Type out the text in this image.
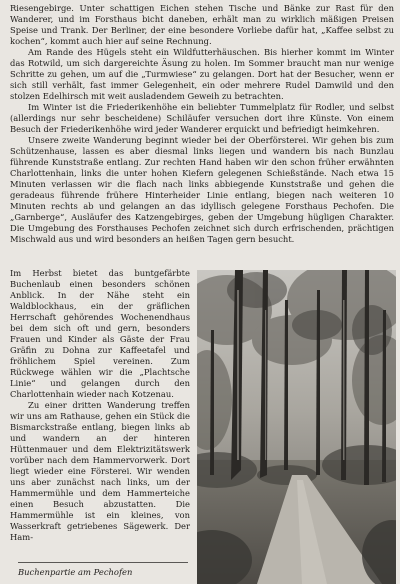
Riesengebirge. Unter schattigen Eichen stehen Tische und Bänke zur Rast für den Wanderer, und im Forsthaus bicht daneben, erhält man zu wirklich mäßigen Preisen Speise und Trank. Der Berliner, der eine besondere Vorliebe dafür hat, „Kaffee selbst zu kochen“, kommt auch hier auf seine Rechnung.

Am Rande des Hügels steht ein Wildfutterhäuschen. Bis hierher kommt im Winter das Rotwild, um sich dargereichte Äsung zu holen. Im Sommer braucht man nur wenige Schritte zu gehen, um auf die „Turmwiese“ zu gelangen. Dort hat der Besucher, wenn er sich still verhält, fast immer Gelegenheit, ein oder mehrere Rudel Damwild und den stolzen Edelhirsch mit weit ausladendem Geweih zu betrachten.

Im Winter ist die Friederikenhöhe ein beliebter Tummelplatz für Rodler, und selbst (allerdings nur sehr bescheidene) Schiläufer versuchen dort ihre Künste. Von einem Besuch der Friederikenhöhe wird jeder Wanderer erquickt und befriedigt heimkehren.

Unsere zweite Wanderung beginnt wieder bei der Oberförsterei. Wir gehen bis zum Schützenhause, lassen es aber diesmal links liegen und wandern bis nach Bunzlau führende Kunststraße entlang. Zur rechten Hand haben wir den schon früher erwähnten Charlottenhain, links die unter hohen Kiefern gelegenen Schießstände. Nach etwa 15 Minuten verlassen wir die flach nach links abbiegende Kunststraße und gehen die geradeaus führende frühere Hinterheider Linie entlang, biegen nach weiteren 10 Minuten rechts ab und gelangen an das idyllisch gelegene Forsthaus Pechofen. Die „Garnberge“, Ausläufer des Katzengebirges, geben der Umgebung hügligen Charakter. Die Umgebung des Forsthauses Pechofen zeichnet sich durch erfrischenden, prächtigen Mischwald aus und wird besonders an heißen Tagen gern besucht.

Im Herbst bietet das buntgefärbte Buchenlaub einen besonders schönen Anblick. In der Nähe steht ein Waldblockhaus, ein der gräflichen Herrschaft gehörendes Wochenendhaus bei dem sich oft und gern, besonders Frauen und Kinder als Gäste der Frau Gräfin zu Dohna zur Kaffeetafel und fröhlichem Spiel vereinen. Zum Rückwege wählen wir die „Plachtsche Linie“ und gelangen durch den Charlottenhain wieder nach Kotzenau.

Zu einer dritten Wanderung treffen wir uns am Rathause, gehen ein Stück die Bismarckstraße entlang, biegen links ab und wandern an der hinteren Hüttenmauer und dem Elektrizitätswerk vorüber nach dem Hammervorwerk. Dort liegt wieder eine Försterei. Wir wenden uns aber zunächst nach links, um der Hammermühle und dem Hammerteiche einen Besuch abzustatten. Die Hammermühle ist ein kleines, von Wasserkraft getriebenes Sägewerk. Der Ham-

Buchenpartie am Pechofen
